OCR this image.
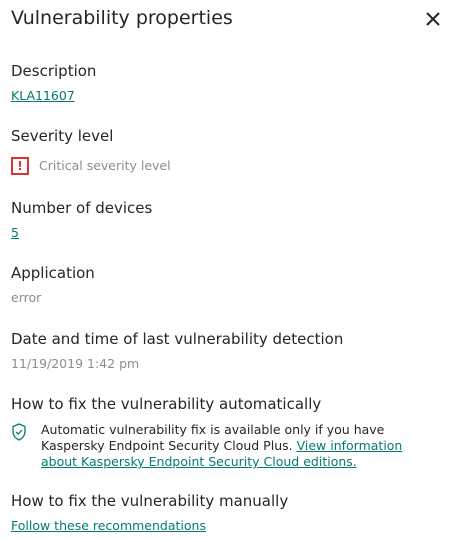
Vulnerability properties
Description
KLA11607
Severity level
!	Critical severity level
Number of devices
5
Application
error
Date and time of last vulnerability detection
11/19/2019 1:42 pm
How to fix the vulnerability automatically
Automatic vulnerability fix is available only if you have Kaspersky Endpoint Security Cloud Plus. View information about Kaspersky Endpoint Security Cloud editions.
How to fix the vulnerability manually
Follow these recommendations
